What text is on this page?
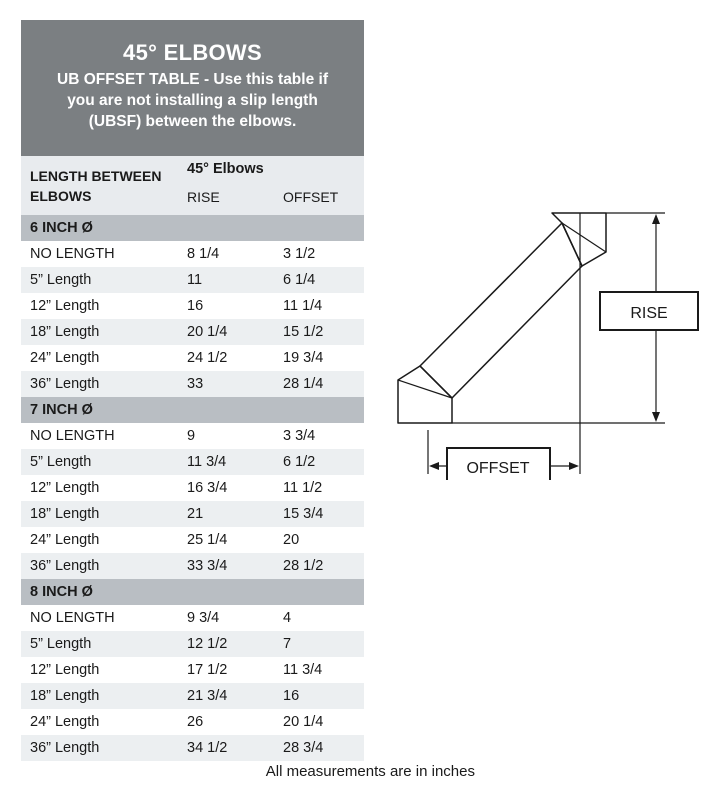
45° ELBOWS
UB OFFSET TABLE - Use this table if
you are not installing a slip length
(UBSF) between the elbows.
LENGTH BETWEEN
ELBOWS
45° Elbows
RISE	OFFSET
6 INCH Ø
NO LENGTH	8 1/4	3 1/2
5” Length	11	6 1/4
12” Length	16	11 1/4
18” Length	20 1/4	15 1/2
24” Length	24 1/2	19 3/4
36” Length	33	28 1/4
7 INCH Ø
NO LENGTH	9	3 3/4
5” Length	11 3/4	6 1/2
12” Length	16 3/4	11 1/2
18” Length	21	15 3/4
24” Length	25 1/4	20
36” Length	33 3/4	28 1/2
8 INCH Ø
NO LENGTH	9 3/4	4
5” Length	12 1/2	7
12” Length	17 1/2	11 3/4
18” Length	21 3/4	16
24” Length	26	20 1/4
36” Length	34 1/2	28 3/4
All measurements are in inches
RISE
OFFSET
